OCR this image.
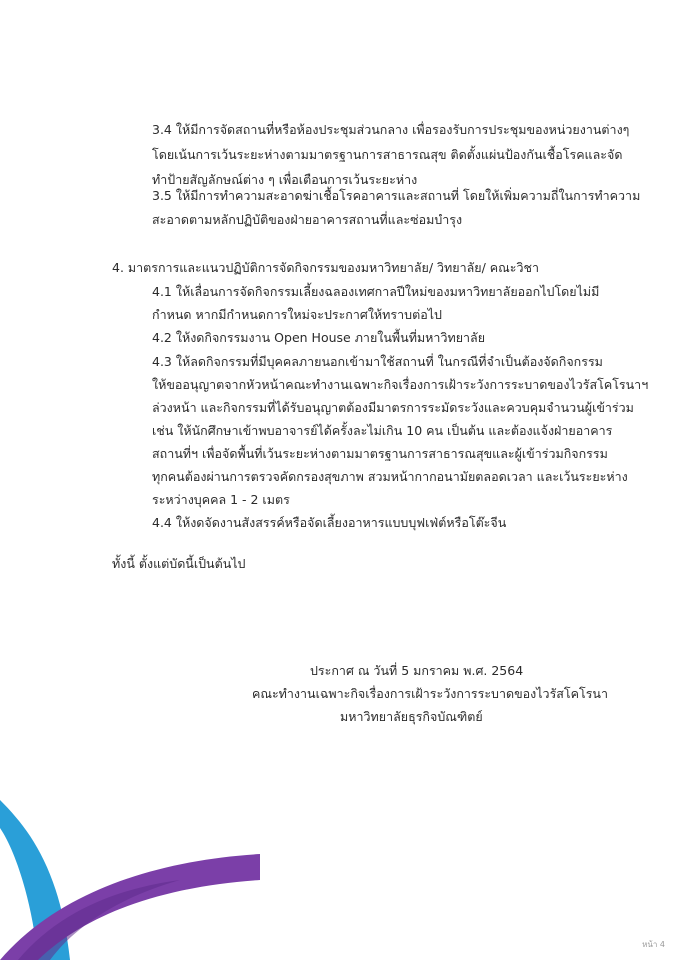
3.4 ให้มีการจัดสถานที่หรือห้องประชุมส่วนกลาง เพื่อรองรับการประชุมของหน่วยงานต่างๆ
โดยเน้นการเว้นระยะห่างตามมาตรฐานการสาธารณสุข ติดตั้งแผ่นป้องกันเชื้อโรคและจัด
ทำป้ายสัญลักษณ์ต่าง ๆ เพื่อเตือนการเว้นระยะห่าง
3.5 ให้มีการทำความสะอาดฆ่าเชื้อโรคอาคารและสถานที่ โดยให้เพิ่มความถี่ในการทำความ
สะอาดตามหลักปฏิบัติของฝ่ายอาคารสถานที่และซ่อมบำรุง
4. มาตรการและแนวปฏิบัติการจัดกิจกรรมของมหาวิทยาลัย/ วิทยาลัย/ คณะวิชา
4.1 ให้เลื่อนการจัดกิจกรรมเลี้ยงฉลองเทศกาลปีใหม่ของมหาวิทยาลัยออกไปโดยไม่มี
กำหนด หากมีกำหนดการใหม่จะประกาศให้ทราบต่อไป
4.2 ให้งดกิจกรรมงาน Open House ภายในพื้นที่มหาวิทยาลัย
4.3 ให้ลดกิจกรรมที่มีบุคคลภายนอกเข้ามาใช้สถานที่ ในกรณีที่จำเป็นต้องจัดกิจกรรม
ให้ขออนุญาตจากหัวหน้าคณะทำงานเฉพาะกิจเรื่องการเฝ้าระวังการระบาดของไวรัสโคโรนาฯ
ล่วงหน้า และกิจกรรมที่ได้รับอนุญาตต้องมีมาตรการระมัดระวังและควบคุมจำนวนผู้เข้าร่วม
เช่น ให้นักศึกษาเข้าพบอาจารย์ได้ครั้งละไม่เกิน 10 คน เป็นต้น และต้องแจ้งฝ่ายอาคาร
สถานที่ฯ เพื่อจัดพื้นที่เว้นระยะห่างตามมาตรฐานการสาธารณสุขและผู้เข้าร่วมกิจกรรม
ทุกคนต้องผ่านการตรวจคัดกรองสุขภาพ สวมหน้ากากอนามัยตลอดเวลา และเว้นระยะห่าง
ระหว่างบุคคล 1 - 2 เมตร
4.4 ให้งดจัดงานสังสรรค์หรือจัดเลี้ยงอาหารแบบบุฟเฟ่ต์หรือโต๊ะจีน
ทั้งนี้ ตั้งแต่บัดนี้เป็นต้นไป
ประกาศ ณ วันที่ 5 มกราคม พ.ศ. 2564
คณะทำงานเฉพาะกิจเรื่องการเฝ้าระวังการระบาดของไวรัสโคโรนา
มหาวิทยาลัยธุรกิจบัณฑิตย์
หน้า 4
